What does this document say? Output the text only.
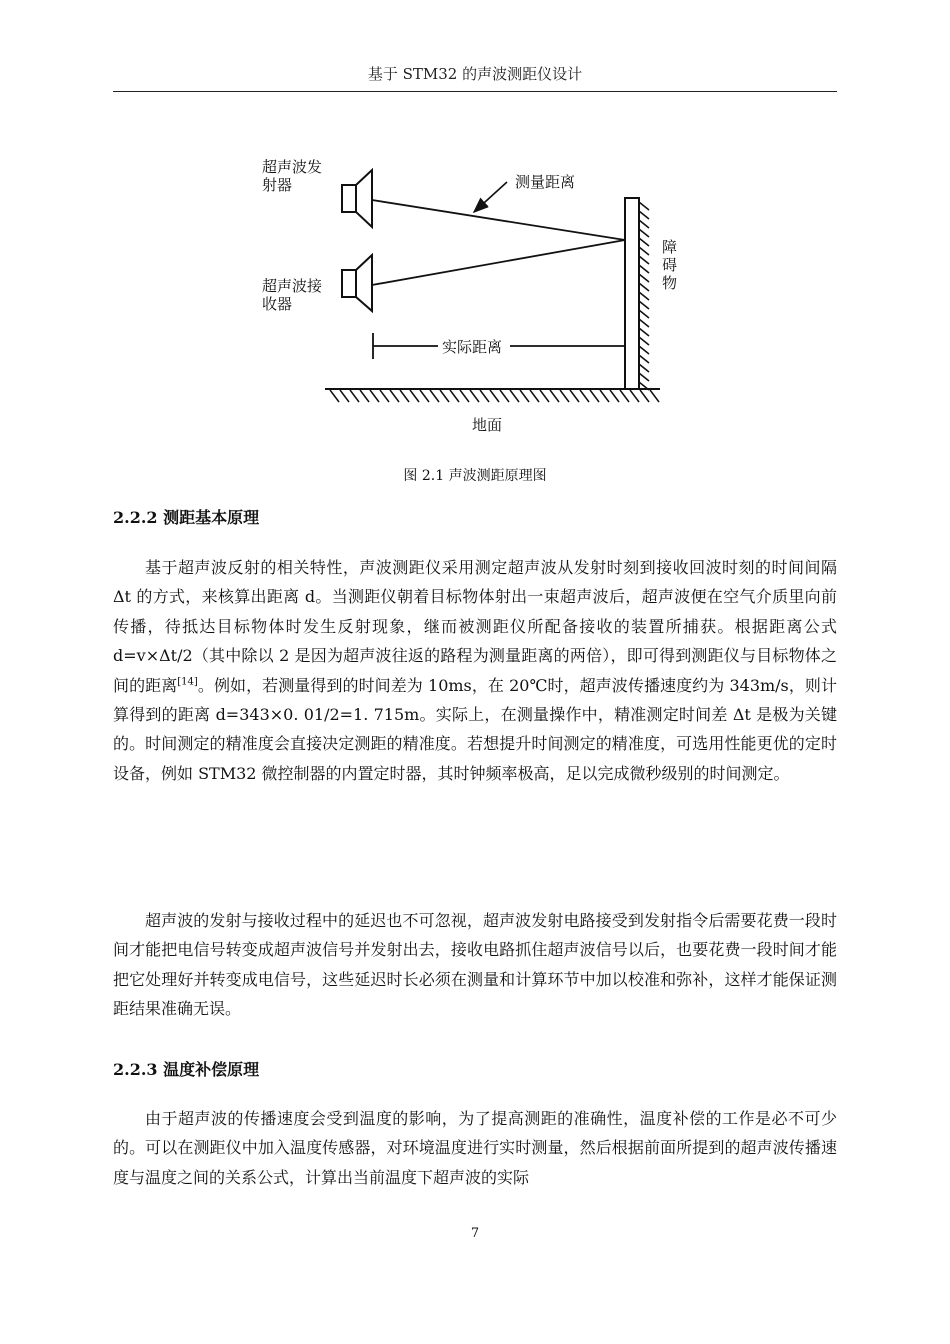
基于 STM32 的声波测距仪设计
超声波发
射器
超声波接
收器
测量距离
障
碍
物
实际距离
地面
图 2.1 声波测距原理图
2.2.2 测距基本原理

基于超声波反射的相关特性，声波测距仪采用测定超声波从发射时刻到接收回波时刻的时间间隔 Δt 的方式，来核算出距离 d。当测距仪朝着目标物体射出一束超声波后，超声波便在空气介质里向前传播，待抵达目标物体时发生反射现象，继而被测距仪所配备接收的装置所捕获。根据距离公式 d=v×Δt/2（其中除以 2 是因为超声波往返的路程为测量距离的两倍），即可得到测距仪与目标物体之间的距离[14]。例如，若测量得到的时间差为 10ms，在 20℃时，超声波传播速度约为 343m/s，则计算得到的距离 d=343×0. 01/2=1. 715m。实际上，在测量操作中，精准测定时间差 Δt 是极为关键的。时间测定的精准度会直接决定测距的精准度。若想提升时间测定的精准度，可选用性能更优的定时设备，例如 STM32 微控制器的内置定时器，其时钟频率极高，足以完成微秒级别的时间测定。

超声波的发射与接收过程中的延迟也不可忽视，超声波发射电路接受到发射指令后需要花费一段时间才能把电信号转变成超声波信号并发射出去，接收电路抓住超声波信号以后，也要花费一段时间才能把它处理好并转变成电信号，这些延迟时长必须在测量和计算环节中加以校准和弥补，这样才能保证测距结果准确无误。

2.2.3 温度补偿原理

由于超声波的传播速度会受到温度的影响，为了提高测距的准确性，温度补偿的工作是必不可少的。可以在测距仪中加入温度传感器，对环境温度进行实时测量，然后根据前面所提到的超声波传播速度与温度之间的关系公式，计算出当前温度下超声波的实际

7
